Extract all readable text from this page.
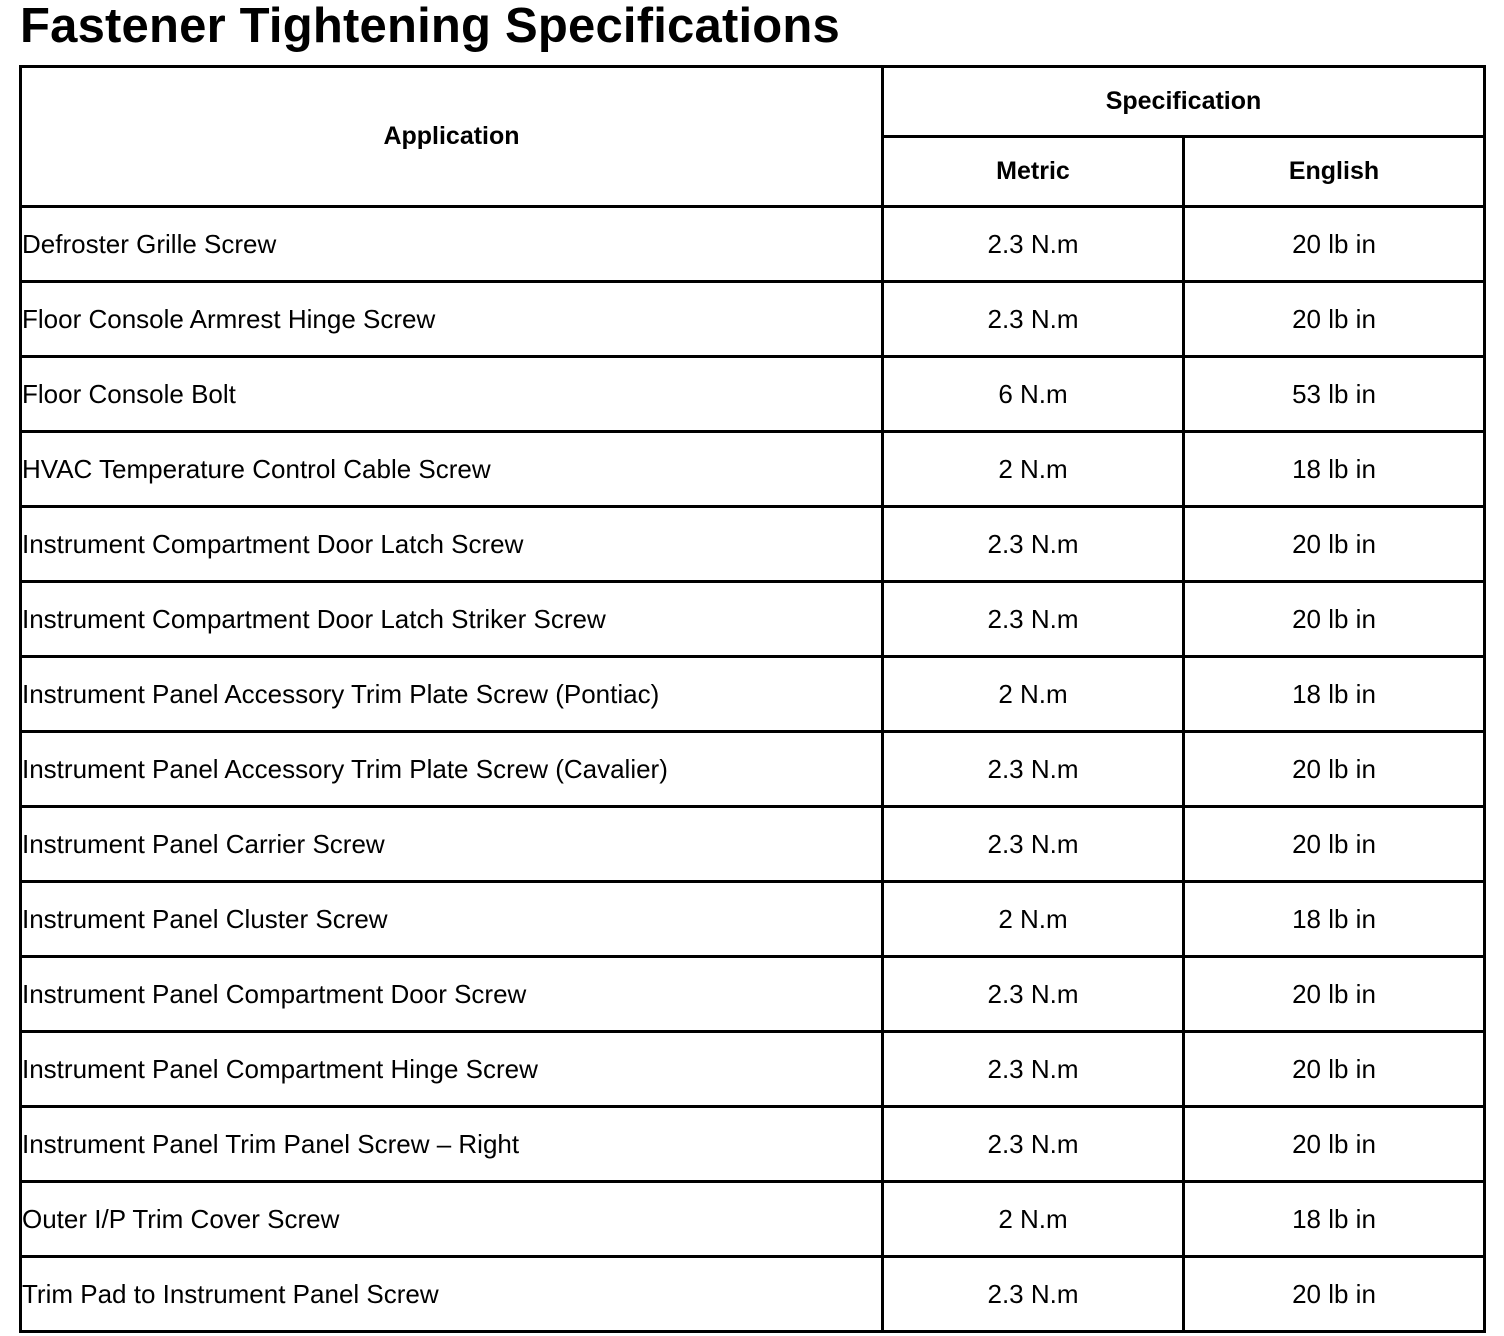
Fastener Tightening Specifications
Application	Specification	
	Metric	English
Defroster Grille Screw	2.3 N.m	20 lb in
Floor Console Armrest Hinge Screw	2.3 N.m	20 lb in
Floor Console Bolt	6 N.m	53 lb in
HVAC Temperature Control Cable Screw	2 N.m	18 lb in
Instrument Compartment Door Latch Screw	2.3 N.m	20 lb in
Instrument Compartment Door Latch Striker Screw	2.3 N.m	20 lb in
Instrument Panel Accessory Trim Plate Screw (Pontiac)	2 N.m	18 lb in
Instrument Panel Accessory Trim Plate Screw (Cavalier)	2.3 N.m	20 lb in
Instrument Panel Carrier Screw	2.3 N.m	20 lb in
Instrument Panel Cluster Screw	2 N.m	18 lb in
Instrument Panel Compartment Door Screw	2.3 N.m	20 lb in
Instrument Panel Compartment Hinge Screw	2.3 N.m	20 lb in
Instrument Panel Trim Panel Screw – Right	2.3 N.m	20 lb in
Outer I/P Trim Cover Screw	2 N.m	18 lb in
Trim Pad to Instrument Panel Screw	2.3 N.m	20 lb in
